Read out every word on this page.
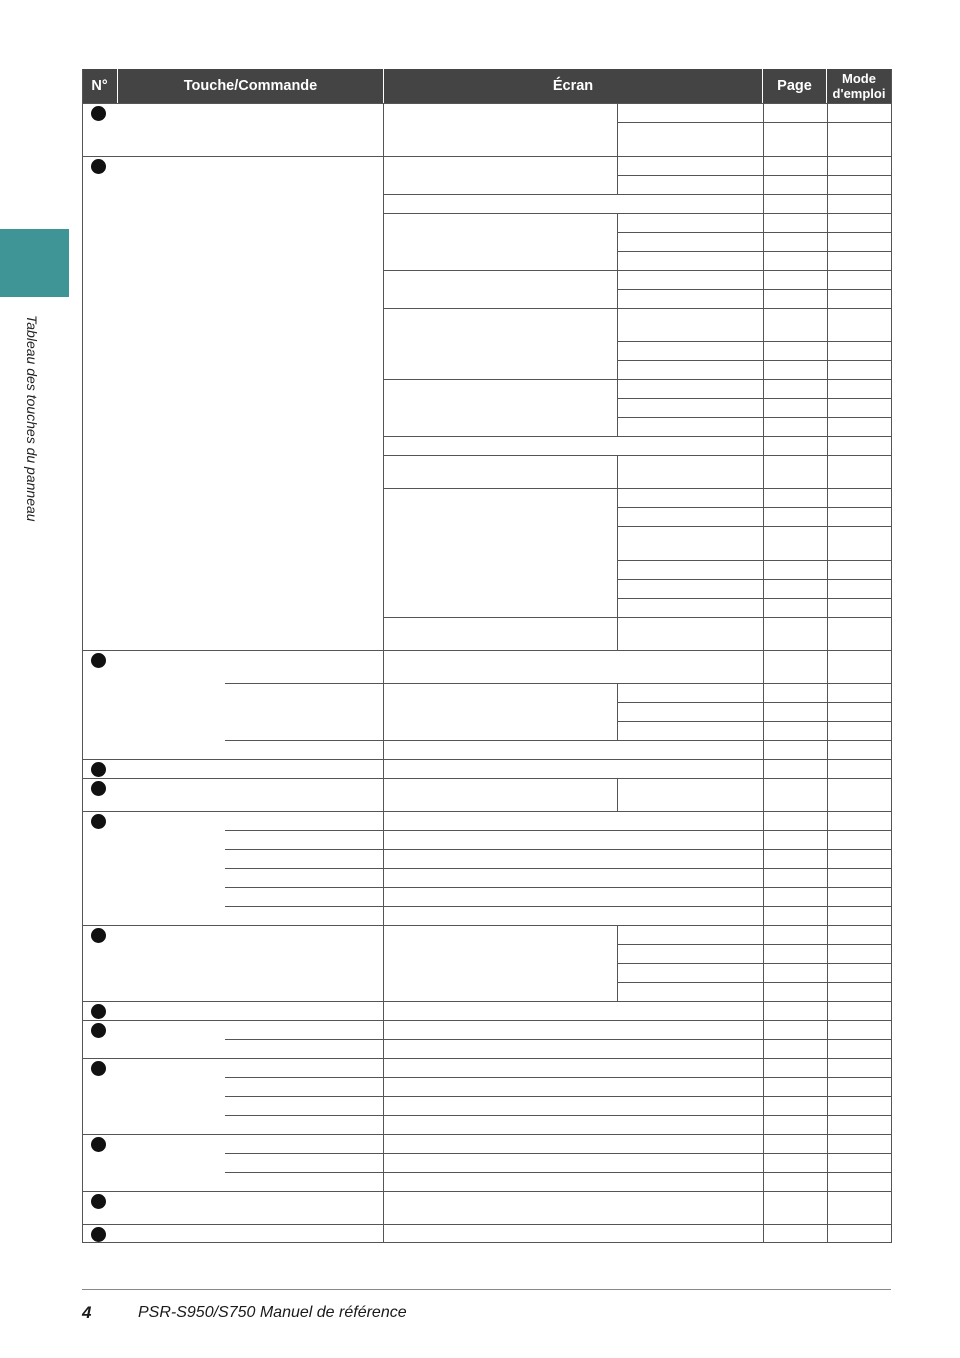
Tableau des touches du panneau
N°	Touche/Commande	Écran	Page	Mode d'emploi
4	PSR-S950/S750 Manuel de référence
